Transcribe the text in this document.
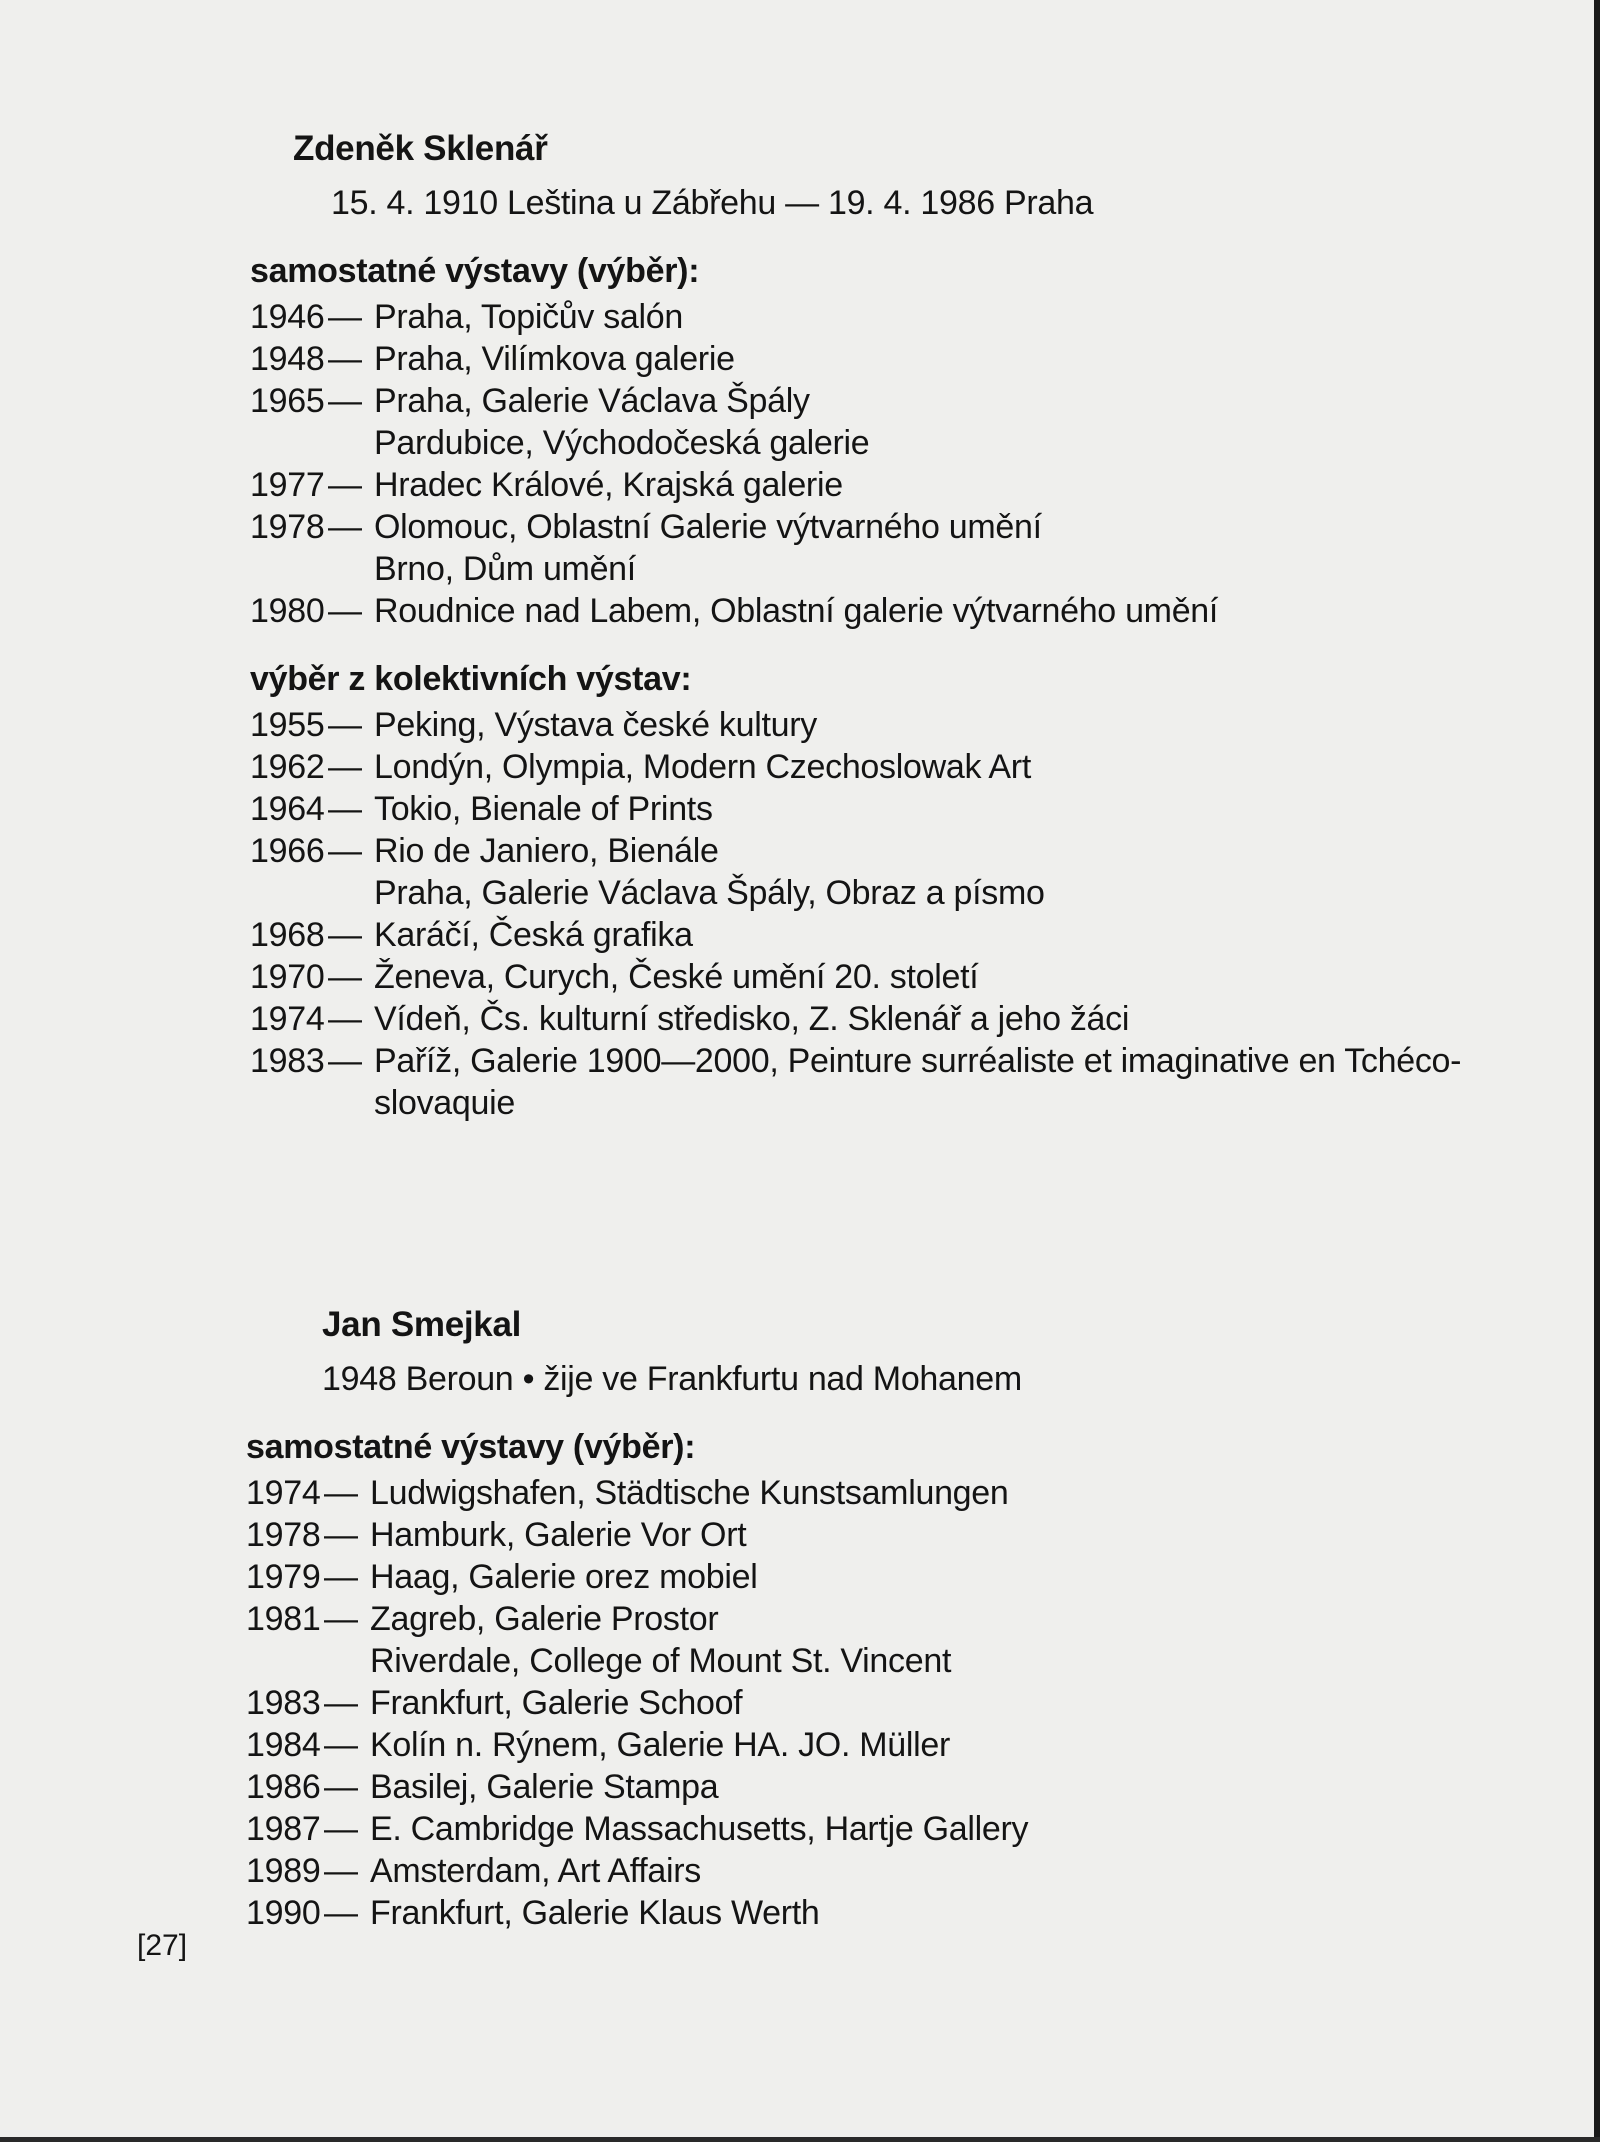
Zdeněk Sklenář
15. 4. 1910 Leština u Zábřehu — 19. 4. 1986 Praha
samostatné výstavy (výběr):
1946 — Praha, Topičův salón
1948 — Praha, Vilímkova galerie
1965 — Praha, Galerie Václava Špály
Pardubice, Východočeská galerie
1977 — Hradec Králové, Krajská galerie
1978 — Olomouc, Oblastní Galerie výtvarného umění
Brno, Dům umění
1980 — Roudnice nad Labem, Oblastní galerie výtvarného umění
výběr z kolektivních výstav:
1955 — Peking, Výstava české kultury
1962 — Londýn, Olympia, Modern Czechoslowak Art
1964 — Tokio, Bienale of Prints
1966 — Rio de Janiero, Bienále
Praha, Galerie Václava Špály, Obraz a písmo
1968 — Karáčí, Česká grafika
1970 — Ženeva, Curych, České umění 20. století
1974 — Vídeň, Čs. kulturní středisko, Z. Sklenář a jeho žáci
1983 — Paříž, Galerie 1900—2000, Peinture surréaliste et imaginative en Tchéco-
slovaquie
Jan Smejkal
1948 Beroun • žije ve Frankfurtu nad Mohanem
samostatné výstavy (výběr):
1974 — Ludwigshafen, Städtische Kunstsamlungen
1978 — Hamburk, Galerie Vor Ort
1979 — Haag, Galerie orez mobiel
1981 — Zagreb, Galerie Prostor
Riverdale, College of Mount St. Vincent
1983 — Frankfurt, Galerie Schoof
1984 — Kolín n. Rýnem, Galerie HA. JO. Müller
1986 — Basilej, Galerie Stampa
1987 — E. Cambridge Massachusetts, Hartje Gallery
1989 — Amsterdam, Art Affairs
1990 — Frankfurt, Galerie Klaus Werth
[27]
